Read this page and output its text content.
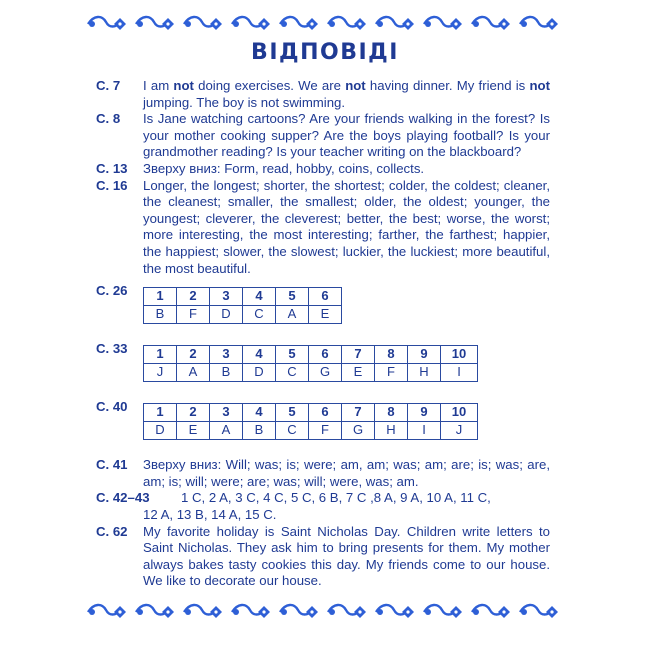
ВІДПОВІДІ
С. 7 I am not doing exercises. We are not having dinner. My friend is not jumping. The boy is not swimming.
С. 8 Is Jane watching cartoons? Are your friends walking in the forest? Is your mother cooking supper? Are the boys playing football? Is your grandmother reading? Is your teacher writing on the blackboard?
С. 13 Зверху вниз: Form, read, hobby, coins, collects.
С. 16 Longer, the longest; shorter, the shortest; colder, the coldest; cleaner, the cleanest; smaller, the smallest; older, the oldest; younger, the youngest; cleverer, the cleverest; better, the best; worse, the worst; more interesting, the most interesting; farther, the farthest; happier, the happiest; slower, the slowest; luckier, the luckiest; more beautiful, the most beautiful.
С. 26 1	2	3	4	5	6
B	F	D	C	A	E
С. 33 1	2	3	4	5	6	7	8	9	10
J	A	B	D	C	G	E	F	H	I
С. 40 1	2	3	4	5	6	7	8	9	10
D	E	A	B	C	F	G	H	I	J
С. 41 Зверху вниз: Will; was; is; were; am, am; was; am; are; is; was; are, am; is; will; were; are; was; will; were, was; am.
С. 42–43	1 C, 2 A, 3 C, 4 C, 5 C, 6 B, 7 C ,8 A, 9 A, 10 A, 11 C,
12 A, 13 B, 14 A, 15 C.
С. 62 My favorite holiday is Saint Nicholas Day. Children write letters to Saint Nicholas. They ask him to bring presents for them. My mother always bakes tasty cookies this day. My friends come to our house. We like to decorate our house.
